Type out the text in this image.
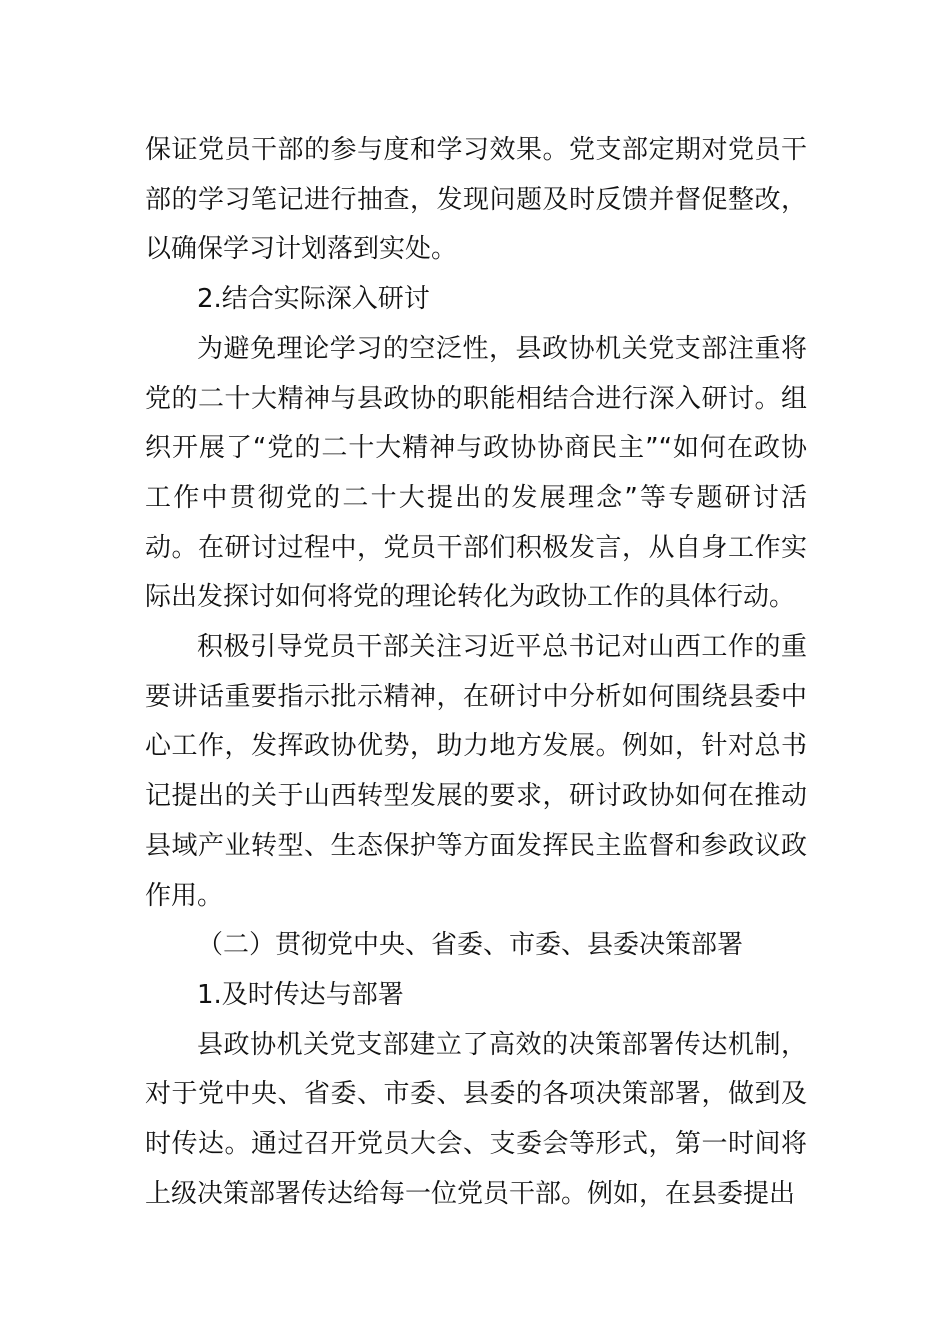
保证党员干部的参与度和学习效果。党支部定期对党员干部的学习笔记进行抽查，发现问题及时反馈并督促整改，以确保学习计划落到实处。

2.结合实际深入研讨

为避免理论学习的空泛性，县政协机关党支部注重将党的二十大精神与县政协的职能相结合进行深入研讨。组织开展了“党的二十大精神与政协协商民主”“如何在政协工作中贯彻党的二十大提出的发展理念”等专题研讨活动。在研讨过程中，党员干部们积极发言，从自身工作实际出发探讨如何将党的理论转化为政协工作的具体行动。

积极引导党员干部关注习近平总书记对山西工作的重要讲话重要指示批示精神，在研讨中分析如何围绕县委中心工作，发挥政协优势，助力地方发展。例如，针对总书记提出的关于山西转型发展的要求，研讨政协如何在推动县域产业转型、生态保护等方面发挥民主监督和参政议政作用。

（二）贯彻党中央、省委、市委、县委决策部署

1.及时传达与部署

县政协机关党支部建立了高效的决策部署传达机制，对于党中央、省委、市委、县委的各项决策部署，做到及时传达。通过召开党员大会、支委会等形式，第一时间将上级决策部署传达给每一位党员干部。例如，在县委提出
